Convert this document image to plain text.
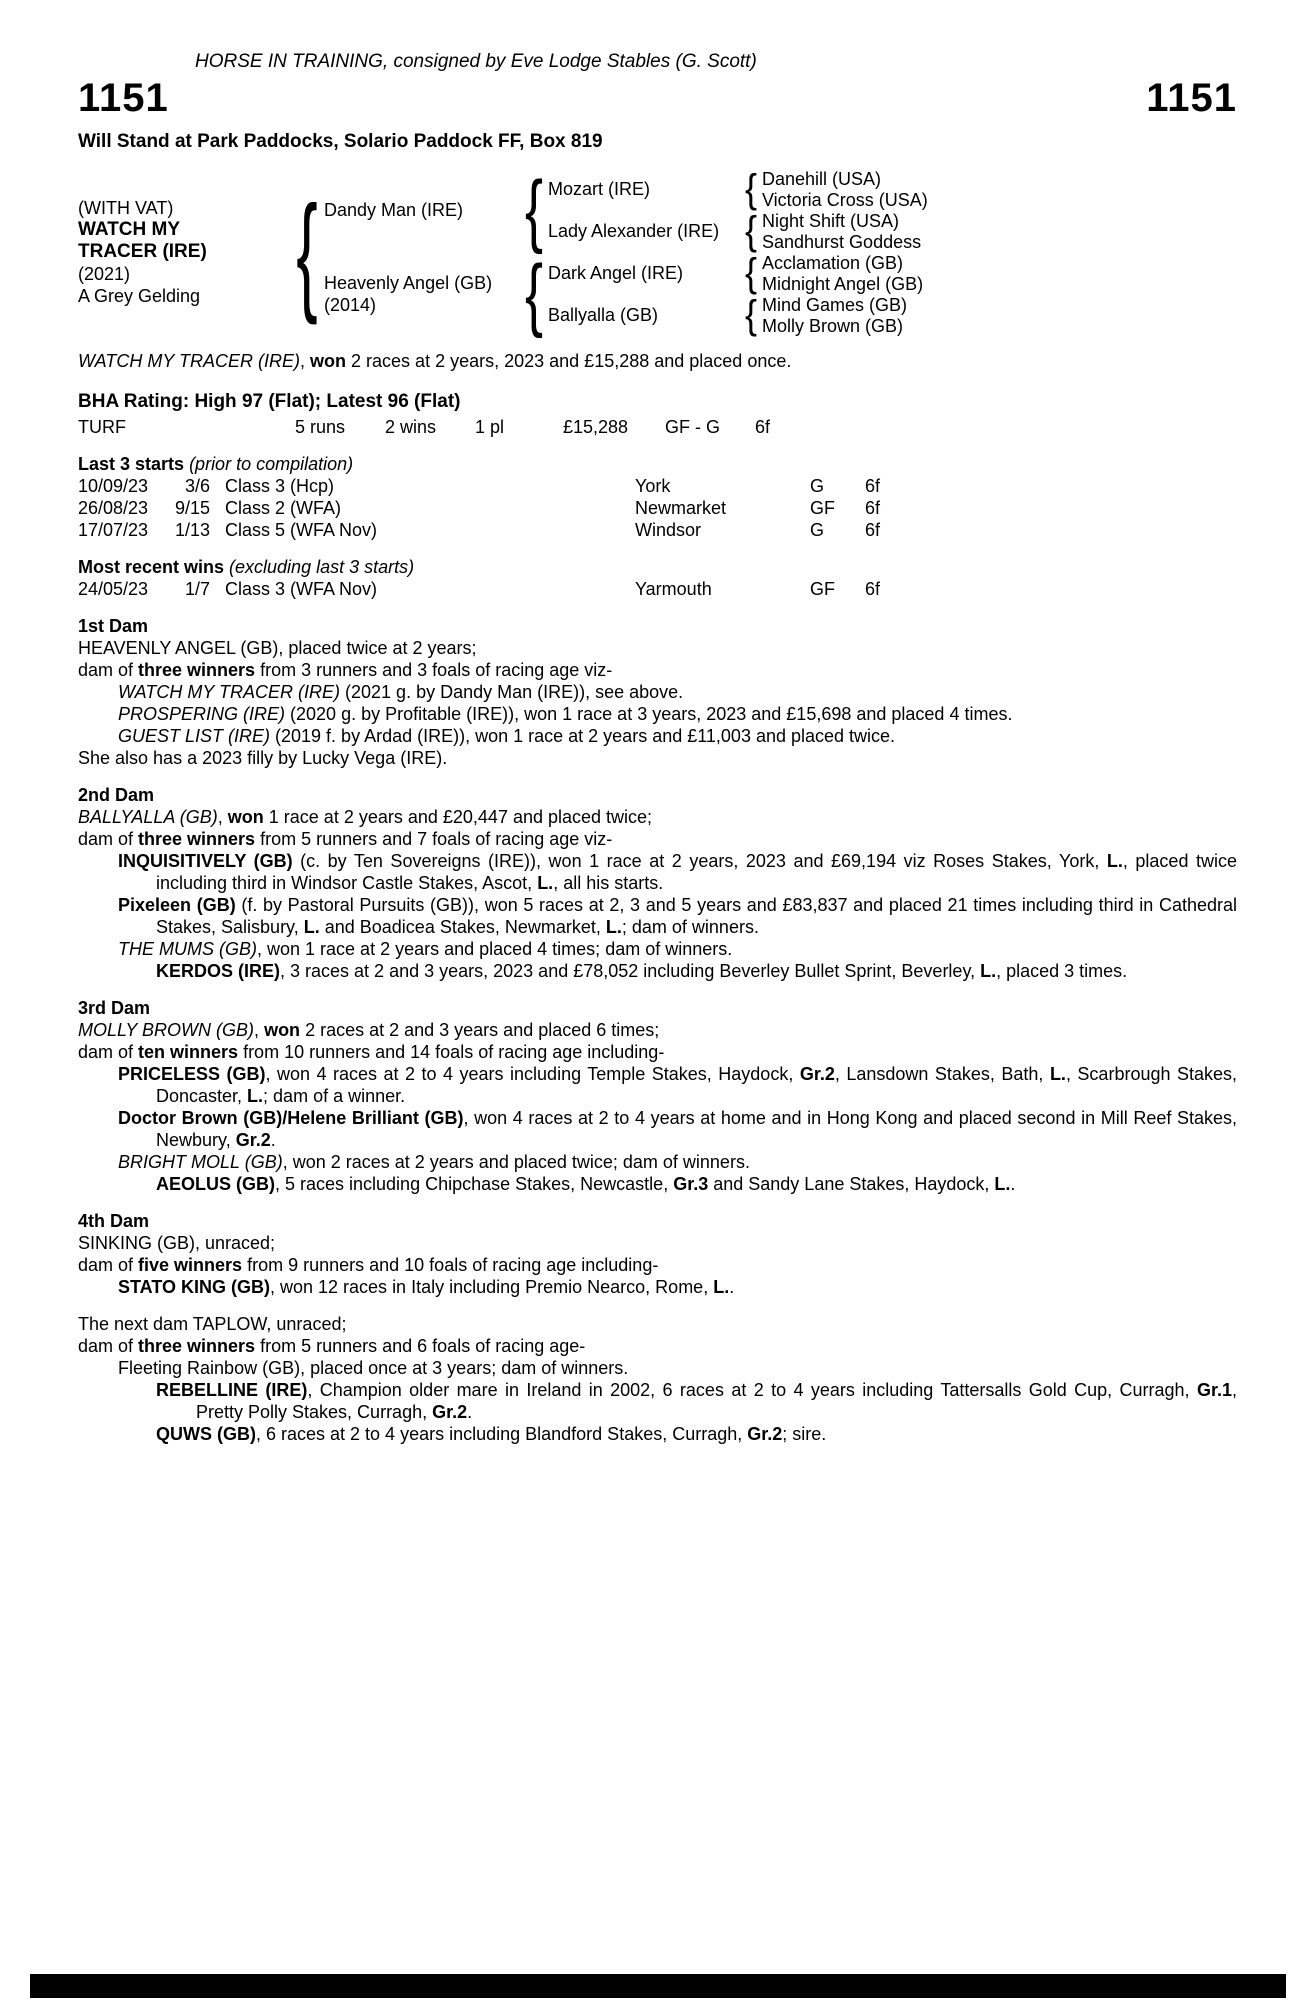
HORSE IN TRAINING, consigned by Eve Lodge Stables (G. Scott)
1151	1151
Will Stand at Park Paddocks, Solario Paddock FF, Box 819
(WITH VAT)
WATCH MY TRACER (IRE)
(2021)
A Grey Gelding	{ Dandy Man (IRE)
Heavenly Angel (GB)
(2014)
{
{
Mozart (IRE)
Lady Alexander (IRE)
Dark Angel (IRE)
Ballyalla (GB)
{
{
{
{
Danehill (USA)
Victoria Cross (USA)
Night Shift (USA)
Sandhurst Goddess
Acclamation (GB)
Midnight Angel (GB)
Mind Games (GB)
Molly Brown (GB)

WATCH MY TRACER (IRE), won 2 races at 2 years, 2023 and £15,288 and placed once.

BHA Rating: High 97 (Flat); Latest 96 (Flat)
TURF	5 runs	2 wins	1 pl	£15,288	GF - G	6f
Last 3 starts (prior to compilation)
10/09/23	3/6 Class 3 (Hcp)	York	G	6f
26/08/23	9/15 Class 2 (WFA)	Newmarket	GF	6f
17/07/23	1/13 Class 5 (WFA Nov)	Windsor	G	6f
Most recent wins (excluding last 3 starts)
24/05/23	1/7 Class 3 (WFA Nov)	Yarmouth	GF	6f
1st Dam

HEAVENLY ANGEL (GB), placed twice at 2 years;

dam of three winners from 3 runners and 3 foals of racing age viz-

WATCH MY TRACER (IRE) (2021 g. by Dandy Man (IRE)), see above.

PROSPERING (IRE) (2020 g. by Profitable (IRE)), won 1 race at 3 years, 2023 and £15,698 and placed 4 times.

GUEST LIST (IRE) (2019 f. by Ardad (IRE)), won 1 race at 2 years and £11,003 and placed twice.

She also has a 2023 filly by Lucky Vega (IRE).

2nd Dam

BALLYALLA (GB), won 1 race at 2 years and £20,447 and placed twice;

dam of three winners from 5 runners and 7 foals of racing age viz-

INQUISITIVELY (GB) (c. by Ten Sovereigns (IRE)), won 1 race at 2 years, 2023 and £69,194 viz Roses Stakes, York, L., placed twice including third in Windsor Castle Stakes, Ascot, L., all his starts.

Pixeleen (GB) (f. by Pastoral Pursuits (GB)), won 5 races at 2, 3 and 5 years and £83,837 and placed 21 times including third in Cathedral Stakes, Salisbury, L. and Boadicea Stakes, Newmarket, L.; dam of winners.

THE MUMS (GB), won 1 race at 2 years and placed 4 times; dam of winners.

KERDOS (IRE), 3 races at 2 and 3 years, 2023 and £78,052 including Beverley Bullet Sprint, Beverley, L., placed 3 times.

3rd Dam

MOLLY BROWN (GB), won 2 races at 2 and 3 years and placed 6 times;

dam of ten winners from 10 runners and 14 foals of racing age including-

PRICELESS (GB), won 4 races at 2 to 4 years including Temple Stakes, Haydock, Gr.2, Lansdown Stakes, Bath, L., Scarbrough Stakes, Doncaster, L.; dam of a winner.

Doctor Brown (GB)/Helene Brilliant (GB), won 4 races at 2 to 4 years at home and in Hong Kong and placed second in Mill Reef Stakes, Newbury, Gr.2.

BRIGHT MOLL (GB), won 2 races at 2 years and placed twice; dam of winners.

AEOLUS (GB), 5 races including Chipchase Stakes, Newcastle, Gr.3 and Sandy Lane Stakes, Haydock, L..

4th Dam

SINKING (GB), unraced;

dam of five winners from 9 runners and 10 foals of racing age including-

STATO KING (GB), won 12 races in Italy including Premio Nearco, Rome, L..

The next dam TAPLOW, unraced;

dam of three winners from 5 runners and 6 foals of racing age-

Fleeting Rainbow (GB), placed once at 3 years; dam of winners.

REBELLINE (IRE), Champion older mare in Ireland in 2002, 6 races at 2 to 4 years including Tattersalls Gold Cup, Curragh, Gr.1, Pretty Polly Stakes, Curragh, Gr.2.

QUWS (GB), 6 races at 2 to 4 years including Blandford Stakes, Curragh, Gr.2; sire.
